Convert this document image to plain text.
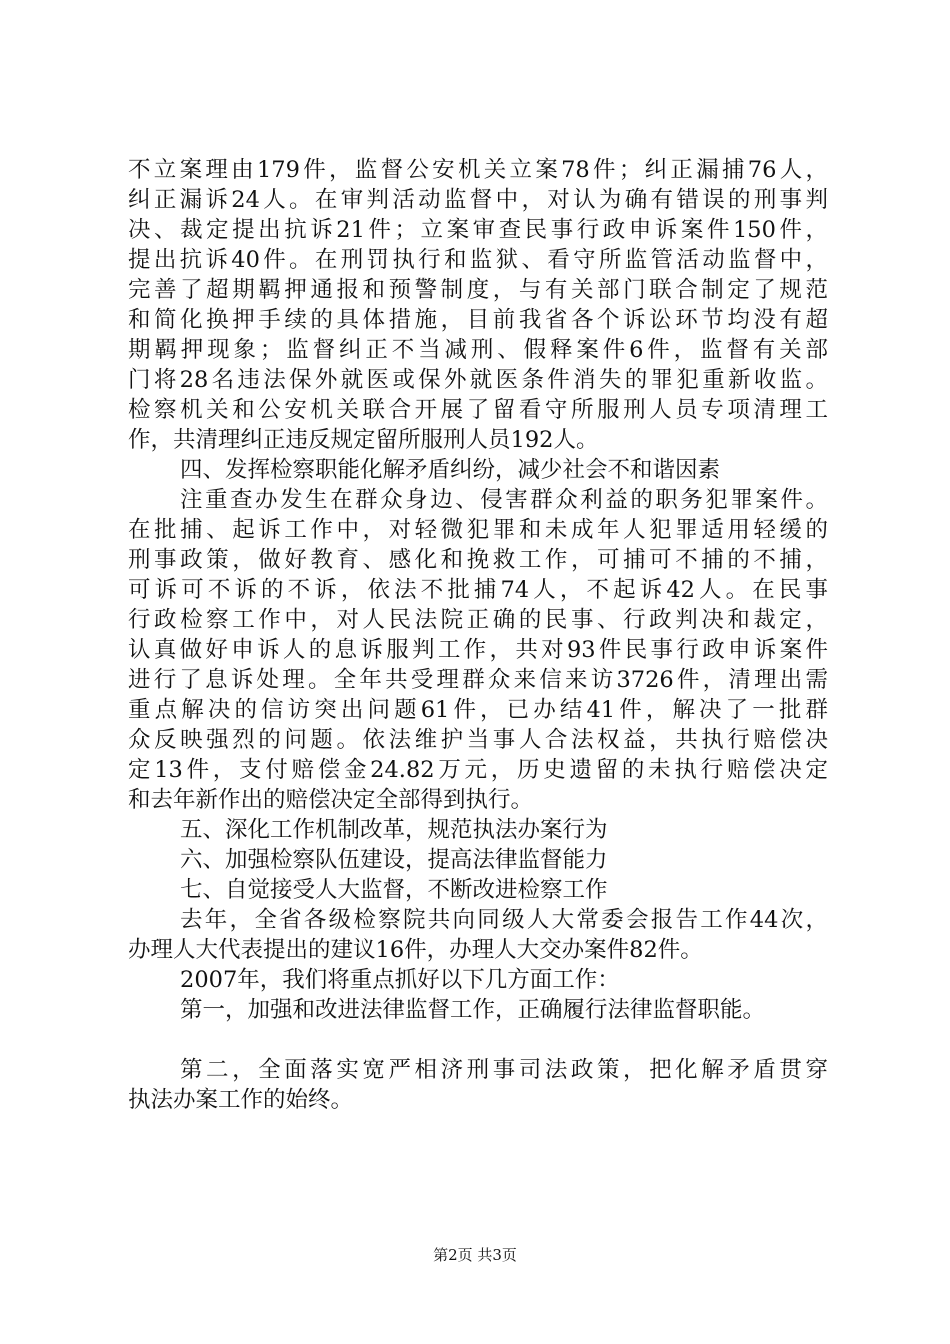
不立案理由179件，监督公安机关立案78件；纠正漏捕76人，
纠正漏诉24人。在审判活动监督中，对认为确有错误的刑事判
决、裁定提出抗诉21件；立案审查民事行政申诉案件150件，
提出抗诉40件。在刑罚执行和监狱、看守所监管活动监督中，
完善了超期羁押通报和预警制度，与有关部门联合制定了规范
和简化换押手续的具体措施，目前我省各个诉讼环节均没有超
期羁押现象；监督纠正不当减刑、假释案件6件，监督有关部
门将28名违法保外就医或保外就医条件消失的罪犯重新收监。
检察机关和公安机关联合开展了留看守所服刑人员专项清理工
作，共清理纠正违反规定留所服刑人员192人。
四、发挥检察职能化解矛盾纠纷，减少社会不和谐因素
注重查办发生在群众身边、侵害群众利益的职务犯罪案件。
在批捕、起诉工作中，对轻微犯罪和未成年人犯罪适用轻缓的
刑事政策，做好教育、感化和挽救工作，可捕可不捕的不捕，
可诉可不诉的不诉，依法不批捕74人，不起诉42人。在民事
行政检察工作中，对人民法院正确的民事、行政判决和裁定，
认真做好申诉人的息诉服判工作，共对93件民事行政申诉案件
进行了息诉处理。全年共受理群众来信来访3726件，清理出需
重点解决的信访突出问题61件，已办结41件，解决了一批群
众反映强烈的问题。依法维护当事人合法权益，共执行赔偿决
定13件，支付赔偿金24.82万元，历史遗留的未执行赔偿决定
和去年新作出的赔偿决定全部得到执行。
五、深化工作机制改革，规范执法办案行为
六、加强检察队伍建设，提高法律监督能力
七、自觉接受人大监督，不断改进检察工作
去年，全省各级检察院共向同级人大常委会报告工作44次，
办理人大代表提出的建议16件，办理人大交办案件82件。
2007年，我们将重点抓好以下几方面工作：
第一，加强和改进法律监督工作，正确履行法律监督职能。
第二，全面落实宽严相济刑事司法政策，把化解矛盾贯穿
执法办案工作的始终。
第2页 共3页
